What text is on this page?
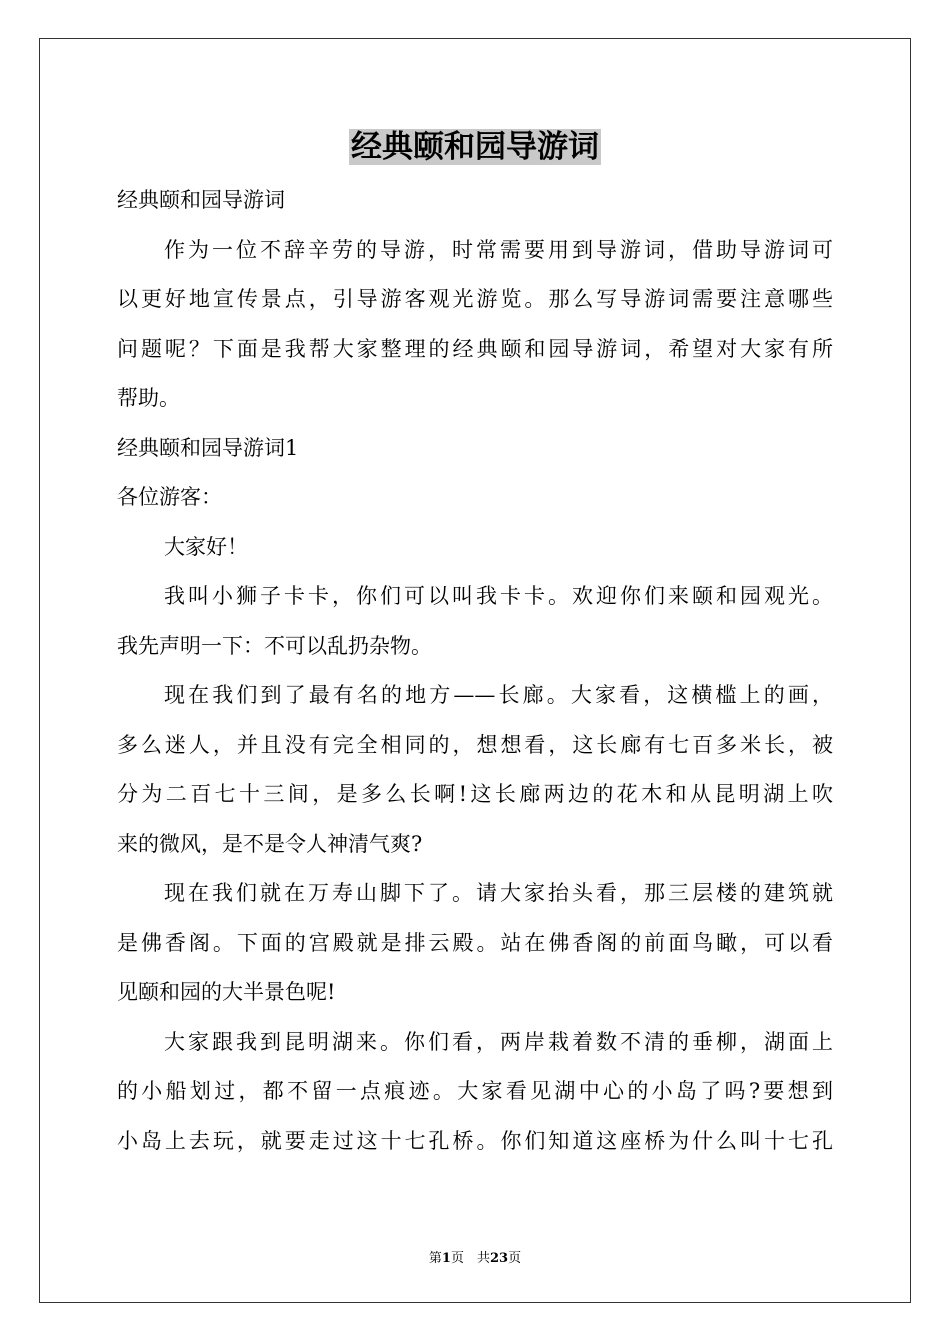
经典颐和园导游词

经典颐和园导游词

作为一位不辞辛劳的导游，时常需要用到导游词，借助导游词可

以更好地宣传景点，引导游客观光游览。那么写导游词需要注意哪些

问题呢？下面是我帮大家整理的经典颐和园导游词，希望对大家有所

帮助。

经典颐和园导游词1

各位游客：

大家好！

我叫小狮子卡卡，你们可以叫我卡卡。欢迎你们来颐和园观光。

我先声明一下：不可以乱扔杂物。

现在我们到了最有名的地方——长廊。大家看，这横槛上的画，

多么迷人，并且没有完全相同的，想想看，这长廊有七百多米长，被

分为二百七十三间，是多么长啊!这长廊两边的花木和从昆明湖上吹

来的微风，是不是令人神清气爽?

现在我们就在万寿山脚下了。请大家抬头看，那三层楼的建筑就

是佛香阁。下面的宫殿就是排云殿。站在佛香阁的前面鸟瞰，可以看

见颐和园的大半景色呢!

大家跟我到昆明湖来。你们看，两岸栽着数不清的垂柳，湖面上

的小船划过，都不留一点痕迹。大家看见湖中心的小岛了吗?要想到

小岛上去玩，就要走过这十七孔桥。你们知道这座桥为什么叫十七孔

第1页　共23页
